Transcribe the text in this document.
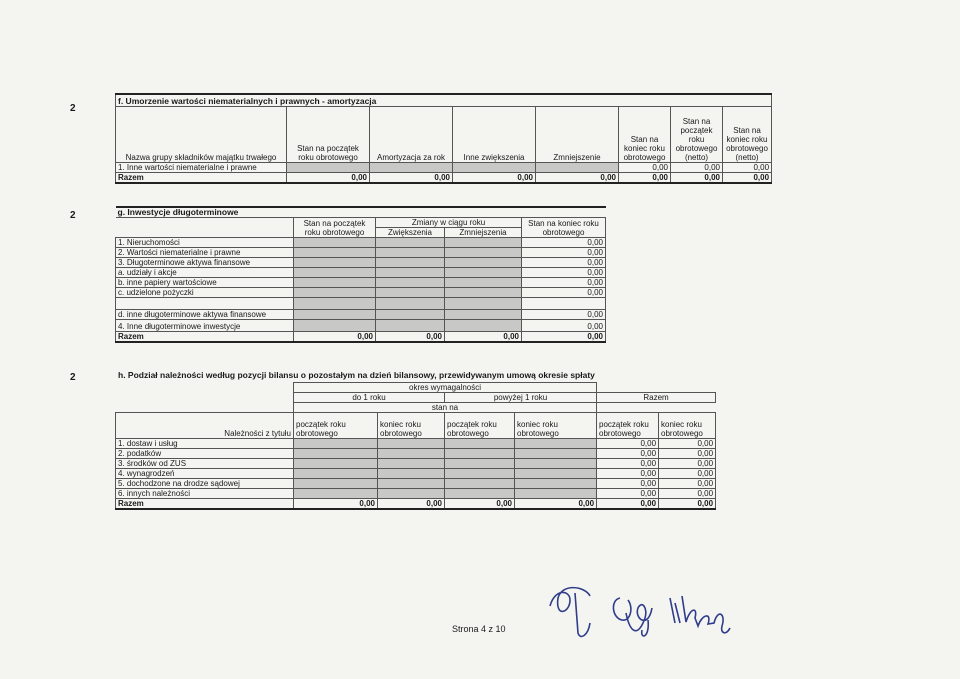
2
f. Umorzenie wartości niematerialnych i prawnych - amortyzacja							
Nazwa grupy składników majątku trwałego	Stan na początek roku obrotowego	Amortyzacja za rok	Inne zwiększenia	Zmniejszenie	Stan na koniec roku obrotowego	Stan na początek roku obrotowego (netto)	Stan na koniec roku obrotowego (netto)
1. Inne wartości niematerialne i prawne					0,00	0,00	0,00
Razem	0,00	0,00	0,00	0,00	0,00	0,00	0,00
2	g. Inwestycje długoterminowe				
	Stan na początek roku obrotowego	Zmiany w ciągu roku		Stan na koniec roku obrotowego
		Zwiększenia	Zmniejszenia	
1. Nieruchomości				0,00
2. Wartości niematerialne i prawne				0,00
3. Długoterminowe aktywa finansowe				0,00
a. udziały i akcje				0,00
b. inne papiery wartościowe				0,00
c. udzielone pożyczki				0,00

d. inne długoterminowe aktywa finansowe				0,00
4. Inne długoterminowe inwestycje				0,00
Razem	0,00	0,00	0,00	0,00
2	h. Podział należności według pozycji bilansu o pozostałym na dzień bilansowy, przewidywanym umową okresie spłaty
	okres wymagalności					
	do 1 roku		powyżej 1 roku		Razem	
	stan na					
Należności z tytułu	początek roku obrotowego	koniec roku obrotowego	początek roku obrotowego	koniec roku obrotowego	początek roku obrotowego	koniec roku obrotowego
1. dostaw i usług					0,00	0,00
2. podatków					0,00	0,00
3. środków od ZUS					0,00	0,00
4. wynagrodzeń					0,00	0,00
5. dochodzone na drodze sądowej					0,00	0,00
6. innych należności					0,00	0,00
Razem	0,00	0,00	0,00	0,00	0,00	0,00
Strona 4 z 10
